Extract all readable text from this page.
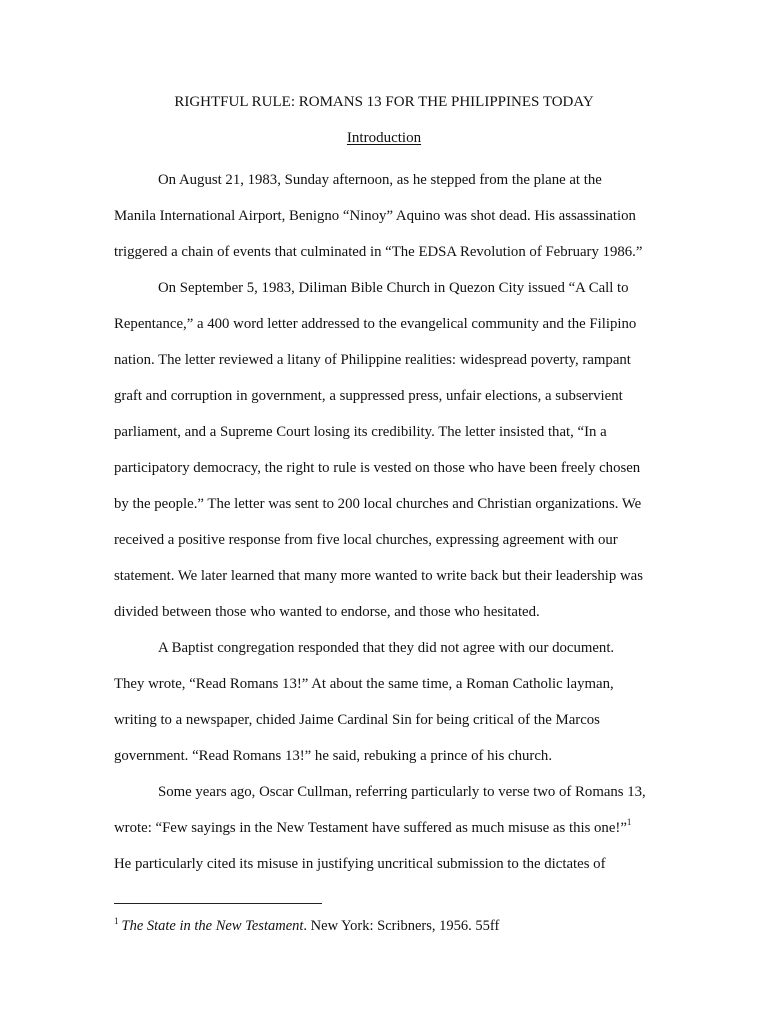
RIGHTFUL RULE: ROMANS 13 FOR THE PHILIPPINES TODAY
Introduction
On August 21, 1983, Sunday afternoon, as he stepped from the plane at the
Manila International Airport, Benigno “Ninoy” Aquino was shot dead. His assassination
triggered a chain of events that culminated in “The EDSA Revolution of February 1986.”
On September 5, 1983, Diliman Bible Church in Quezon City issued “A Call to
Repentance,” a 400 word letter addressed to the evangelical community and the Filipino
nation. The letter reviewed a litany of Philippine realities: widespread poverty, rampant
graft and corruption in government, a suppressed press, unfair elections, a subservient
parliament, and a Supreme Court losing its credibility. The letter insisted that, “In a
participatory democracy, the right to rule is vested on those who have been freely chosen
by the people.” The letter was sent to 200 local churches and Christian organizations. We
received a positive response from five local churches, expressing agreement with our
statement. We later learned that many more wanted to write back but their leadership was
divided between those who wanted to endorse, and those who hesitated.
A Baptist congregation responded that they did not agree with our document.
They wrote, “Read Romans 13!” At about the same time, a Roman Catholic layman,
writing to a newspaper, chided Jaime Cardinal Sin for being critical of the Marcos
government. “Read Romans 13!” he said, rebuking a prince of his church.
Some years ago, Oscar Cullman, referring particularly to verse two of Romans 13,
wrote: “Few sayings in the New Testament have suffered as much misuse as this one!”$^1$
He particularly cited its misuse in justifying uncritical submission to the dictates of
$^1$ The State in the New Testament. New York: Scribners, 1956. 55ff
